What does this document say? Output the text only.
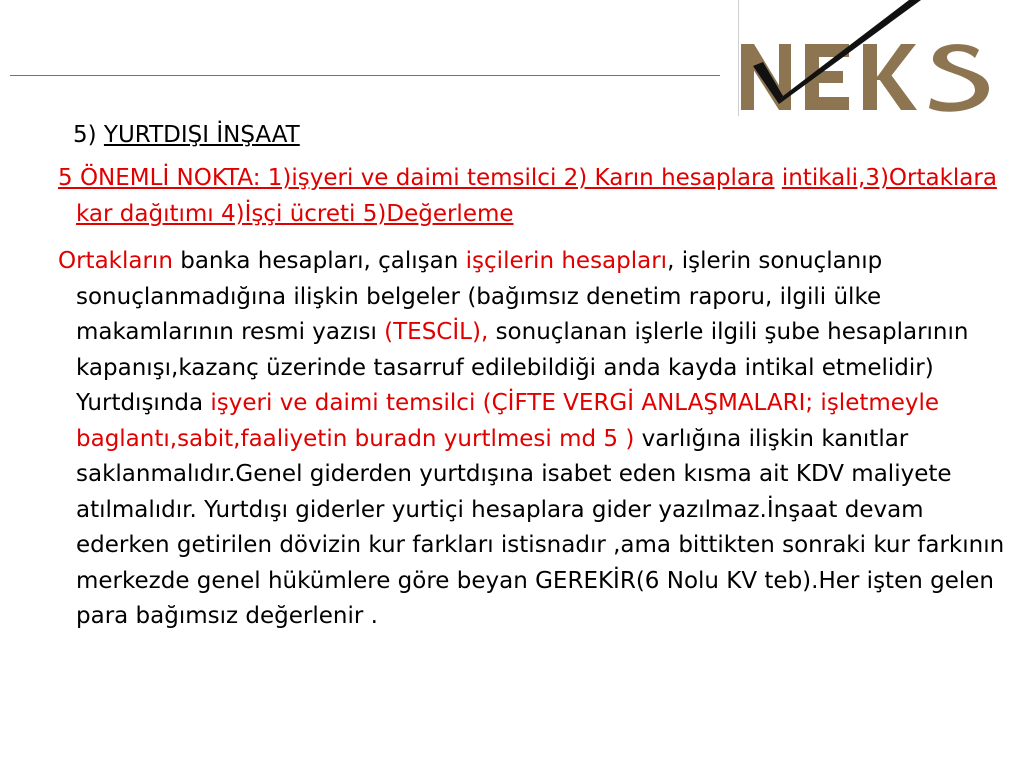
5) YURTDIŞI İNŞAAT
5 ÖNEMLİ NOKTA: 1)işyeri ve daimi temsilci 2) Karın hesaplara intikali,3)Ortaklara kar dağıtımı 4)İşçi ücreti 5)Değerleme
Ortakların banka hesapları, çalışan işçilerin hesapları, işlerin sonuçlanıp sonuçlanmadığına ilişkin belgeler (bağımsız denetim raporu, ilgili ülke makamlarının resmi yazısı (TESCİL), sonuçlanan işlerle ilgili şube hesaplarının kapanışı,kazanç üzerinde tasarruf edilebildiği anda kayda intikal etmelidir) Yurtdışında işyeri ve daimi temsilci (ÇİFTE VERGİ ANLAŞMALARI; işletmeyle baglantı,sabit,faaliyetin buradn yurtlmesi md 5 ) varlığına ilişkin kanıtlar saklanmalıdır.Genel giderden yurtdışına isabet eden kısma ait KDV maliyete atılmalıdır. Yurtdışı giderler yurtiçi hesaplara gider yazılmaz.İnşaat devam ederken getirilen dövizin kur farkları istisnadır ,ama bittikten sonraki kur farkının merkezde genel hükümlere göre beyan GEREKİR(6 Nolu KV teb).Her işten gelen para bağımsız değerlenir .
